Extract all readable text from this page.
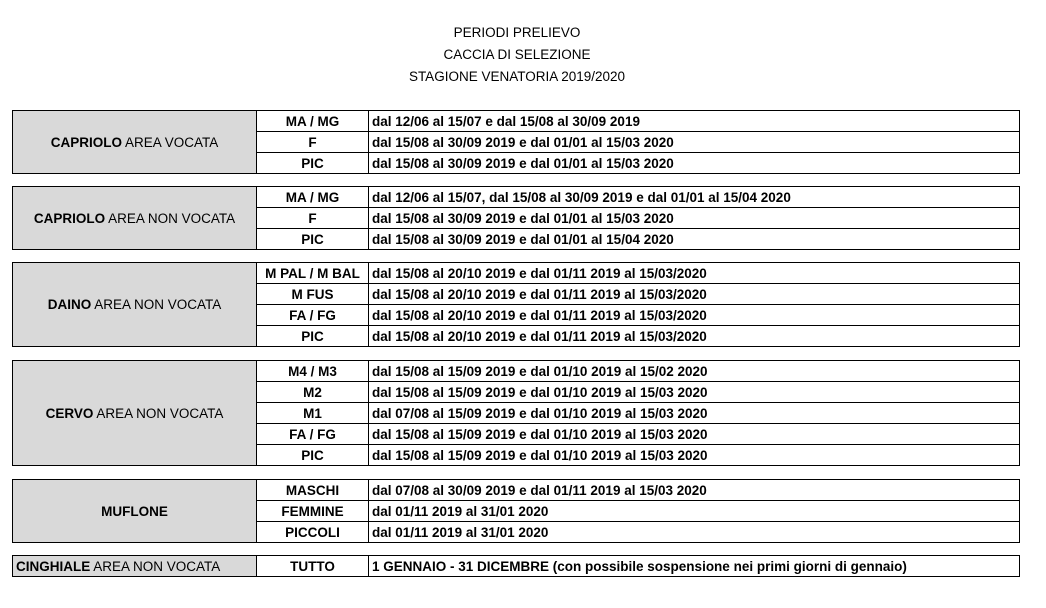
PERIODI PRELIEVO
CACCIA DI SELEZIONE
STAGIONE VENATORIA 2019/2020
CAPRIOLO AREA VOCATA	MA / MG	dal 12/06 al 15/07 e dal 15/08 al 30/09 2019
	F	dal 15/08 al 30/09 2019 e dal 01/01 al 15/03 2020
	PIC	dal 15/08 al 30/09 2019 e dal 01/01 al 15/03 2020
CAPRIOLO AREA NON VOCATA	MA / MG	dal 12/06 al 15/07, dal 15/08 al 30/09 2019 e dal 01/01 al 15/04 2020
	F	dal 15/08 al 30/09 2019 e dal 01/01 al 15/03 2020
	PIC	dal 15/08 al 30/09 2019 e dal 01/01 al 15/04 2020
DAINO AREA NON VOCATA	M PAL / M BAL	dal 15/08 al 20/10 2019 e dal 01/11 2019 al 15/03/2020
	M FUS	dal 15/08 al 20/10 2019 e dal 01/11 2019 al 15/03/2020
	FA / FG	dal 15/08 al 20/10 2019 e dal 01/11 2019 al 15/03/2020
	PIC	dal 15/08 al 20/10 2019 e dal 01/11 2019 al 15/03/2020
CERVO AREA NON VOCATA	M4 / M3	dal 15/08 al 15/09 2019 e dal 01/10 2019 al 15/02 2020
	M2	dal 15/08 al 15/09 2019 e dal 01/10 2019 al 15/03 2020
	M1	dal 07/08 al 15/09 2019 e dal 01/10 2019 al 15/03 2020
	FA / FG	dal 15/08 al 15/09 2019 e dal 01/10 2019 al 15/03 2020
	PIC	dal 15/08 al 15/09 2019 e dal 01/10 2019 al 15/03 2020
MUFLONE	MASCHI	dal 07/08 al 30/09 2019 e dal 01/11 2019 al 15/03 2020
	FEMMINE	dal 01/11 2019 al 31/01 2020
	PICCOLI	dal 01/11 2019 al 31/01 2020
CINGHIALE AREA NON VOCATA	TUTTO	1 GENNAIO - 31 DICEMBRE (con possibile sospensione nei primi giorni di gennaio)
